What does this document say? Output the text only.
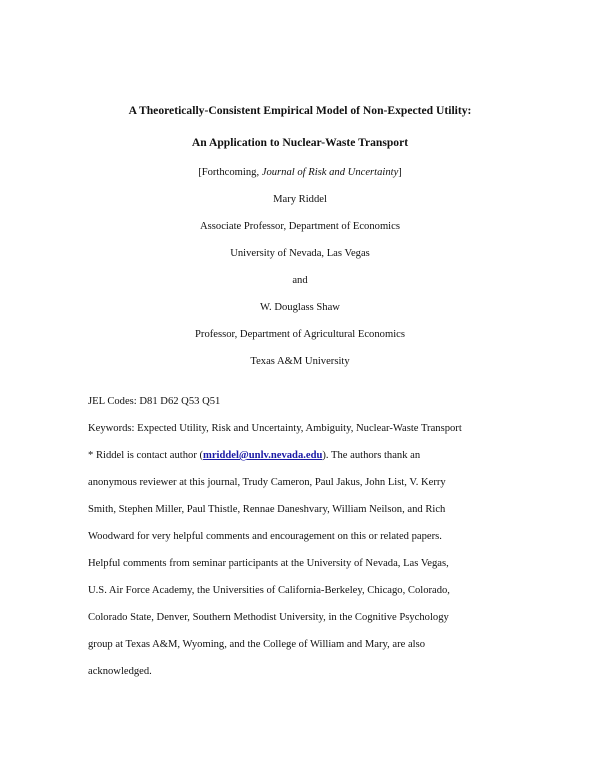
A Theoretically-Consistent Empirical Model of Non-Expected Utility:
An Application to Nuclear-Waste Transport
[Forthcoming, Journal of Risk and Uncertainty]
Mary Riddel
Associate Professor, Department of Economics
University of Nevada, Las Vegas
and
W. Douglass Shaw
Professor, Department of Agricultural Economics
Texas A&M University
JEL Codes: D81 D62 Q53 Q51
Keywords: Expected Utility, Risk and Uncertainty, Ambiguity, Nuclear-Waste Transport
* Riddel is contact author (mriddel@unlv.nevada.edu). The authors thank an
anonymous reviewer at this journal, Trudy Cameron, Paul Jakus, John List, V. Kerry
Smith, Stephen Miller, Paul Thistle, Rennae Daneshvary, William Neilson, and Rich
Woodward for very helpful comments and encouragement on this or related papers.
Helpful comments from seminar participants at the University of Nevada, Las Vegas,
U.S. Air Force Academy, the Universities of California-Berkeley, Chicago, Colorado,
Colorado State, Denver, Southern Methodist University, in the Cognitive Psychology
group at Texas A&M, Wyoming, and the College of William and Mary, are also
acknowledged.
